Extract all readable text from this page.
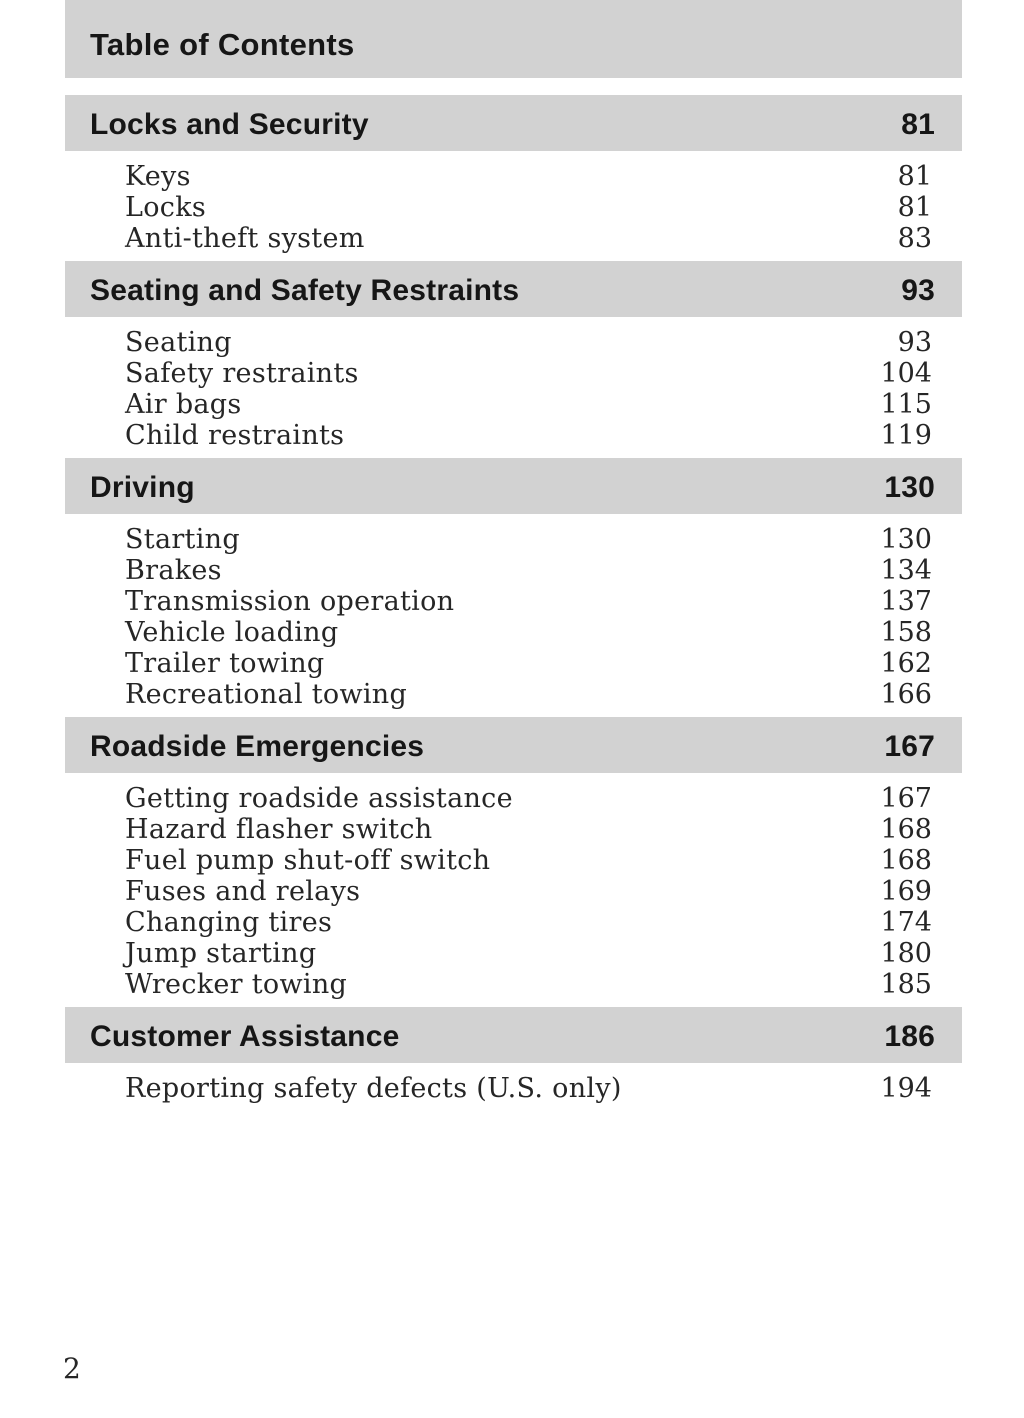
Table of Contents
Locks and Security	81
Keys	81
Locks	81
Anti-theft system	83
Seating and Safety Restraints	93
Seating	93
Safety restraints	104
Air bags	115
Child restraints	119
Driving	130
Starting	130
Brakes	134
Transmission operation	137
Vehicle loading	158
Trailer towing	162
Recreational towing	166
Roadside Emergencies	167
Getting roadside assistance	167
Hazard flasher switch	168
Fuel pump shut-off switch	168
Fuses and relays	169
Changing tires	174
Jump starting	180
Wrecker towing	185
Customer Assistance	186
Reporting safety defects (U.S. only)	194
2
